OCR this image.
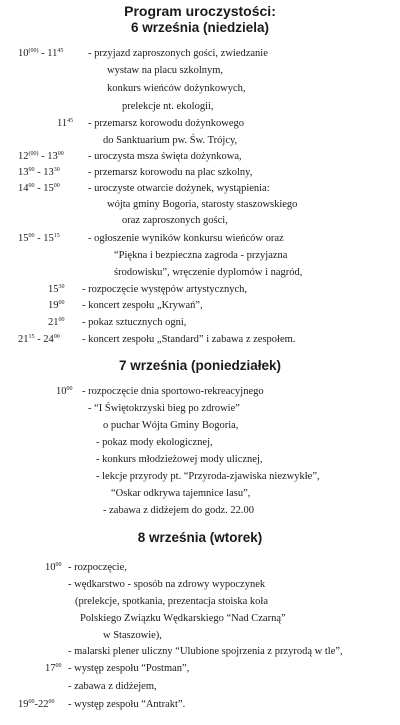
Program uroczystości:
6 września (niedziela)
$10^{(00)} - 11^{45}$ - przyjazd zaproszonych gości, zwiedzanie
wystaw na placu szkolnym,
konkurs wieńców dożynkowych,
prelekcje nt. ekologii,
$11^{45}$ - przemarsz korowodu dożynkowego
do Sanktuarium pw. Św. Trójcy,
$12^{(00)} - 13^{00}$ - uroczysta msza święta dożynkowa,
$13^{00} - 13^{30}$	- przemarsz korowodu na plac szkolny,
$14^{00} - 15^{00}$	- uroczyste otwarcie dożynek, wystąpienia:
wójta gminy Bogoria, starosty staszowskiego
oraz zaproszonych gości,
$15^{00} - 15^{15}$	- ogłoszenie wyników konkursu wieńców oraz
“Piękna i bezpieczna zagroda - przyjazna
środowisku”, wręczenie dyplomów i nagród,
$15^{30}$ - rozpoczęcie występów artystycznych,
$19^{00}$ - koncert zespołu „Krywań”,
$21^{00}$ - pokaz sztucznych ogni,
$21^{15} - 24^{00}$ - koncert zespołu „Standard” i zabawa z zespołem.
7 września (poniedziałek)
$10^{00}$ - rozpoczęcie dnia sportowo-rekreacyjnego
- “I Świętokrzyski bieg po zdrowie”
o puchar Wójta Gminy Bogoria,
- pokaz mody ekologicznej,
- konkurs młodzieżowej mody ulicznej,
- lekcje przyrody pt. “Przyroda-zjawiska niezwykłe”,
“Oskar odkrywa tajemnice lasu”,
- zabawa z didżejem do godz. 22.00
8 września (wtorek)
$10^{00}$ - rozpoczęcie,
- wędkarstwo - sposób na zdrowy wypoczynek
(prelekcje, spotkania, prezentacja stoiska koła
Polskiego Związku Wędkarskiego “Nad Czarną”
w Staszowie),
- malarski plener uliczny “Ulubione spojrzenia z przyrodą w tle”,
$17^{00}$ - występ zespołu “Postman”,
- zabawa z didżejem,
$19^{00}-22^{00}$ - występ zespołu “Antrakt”.
